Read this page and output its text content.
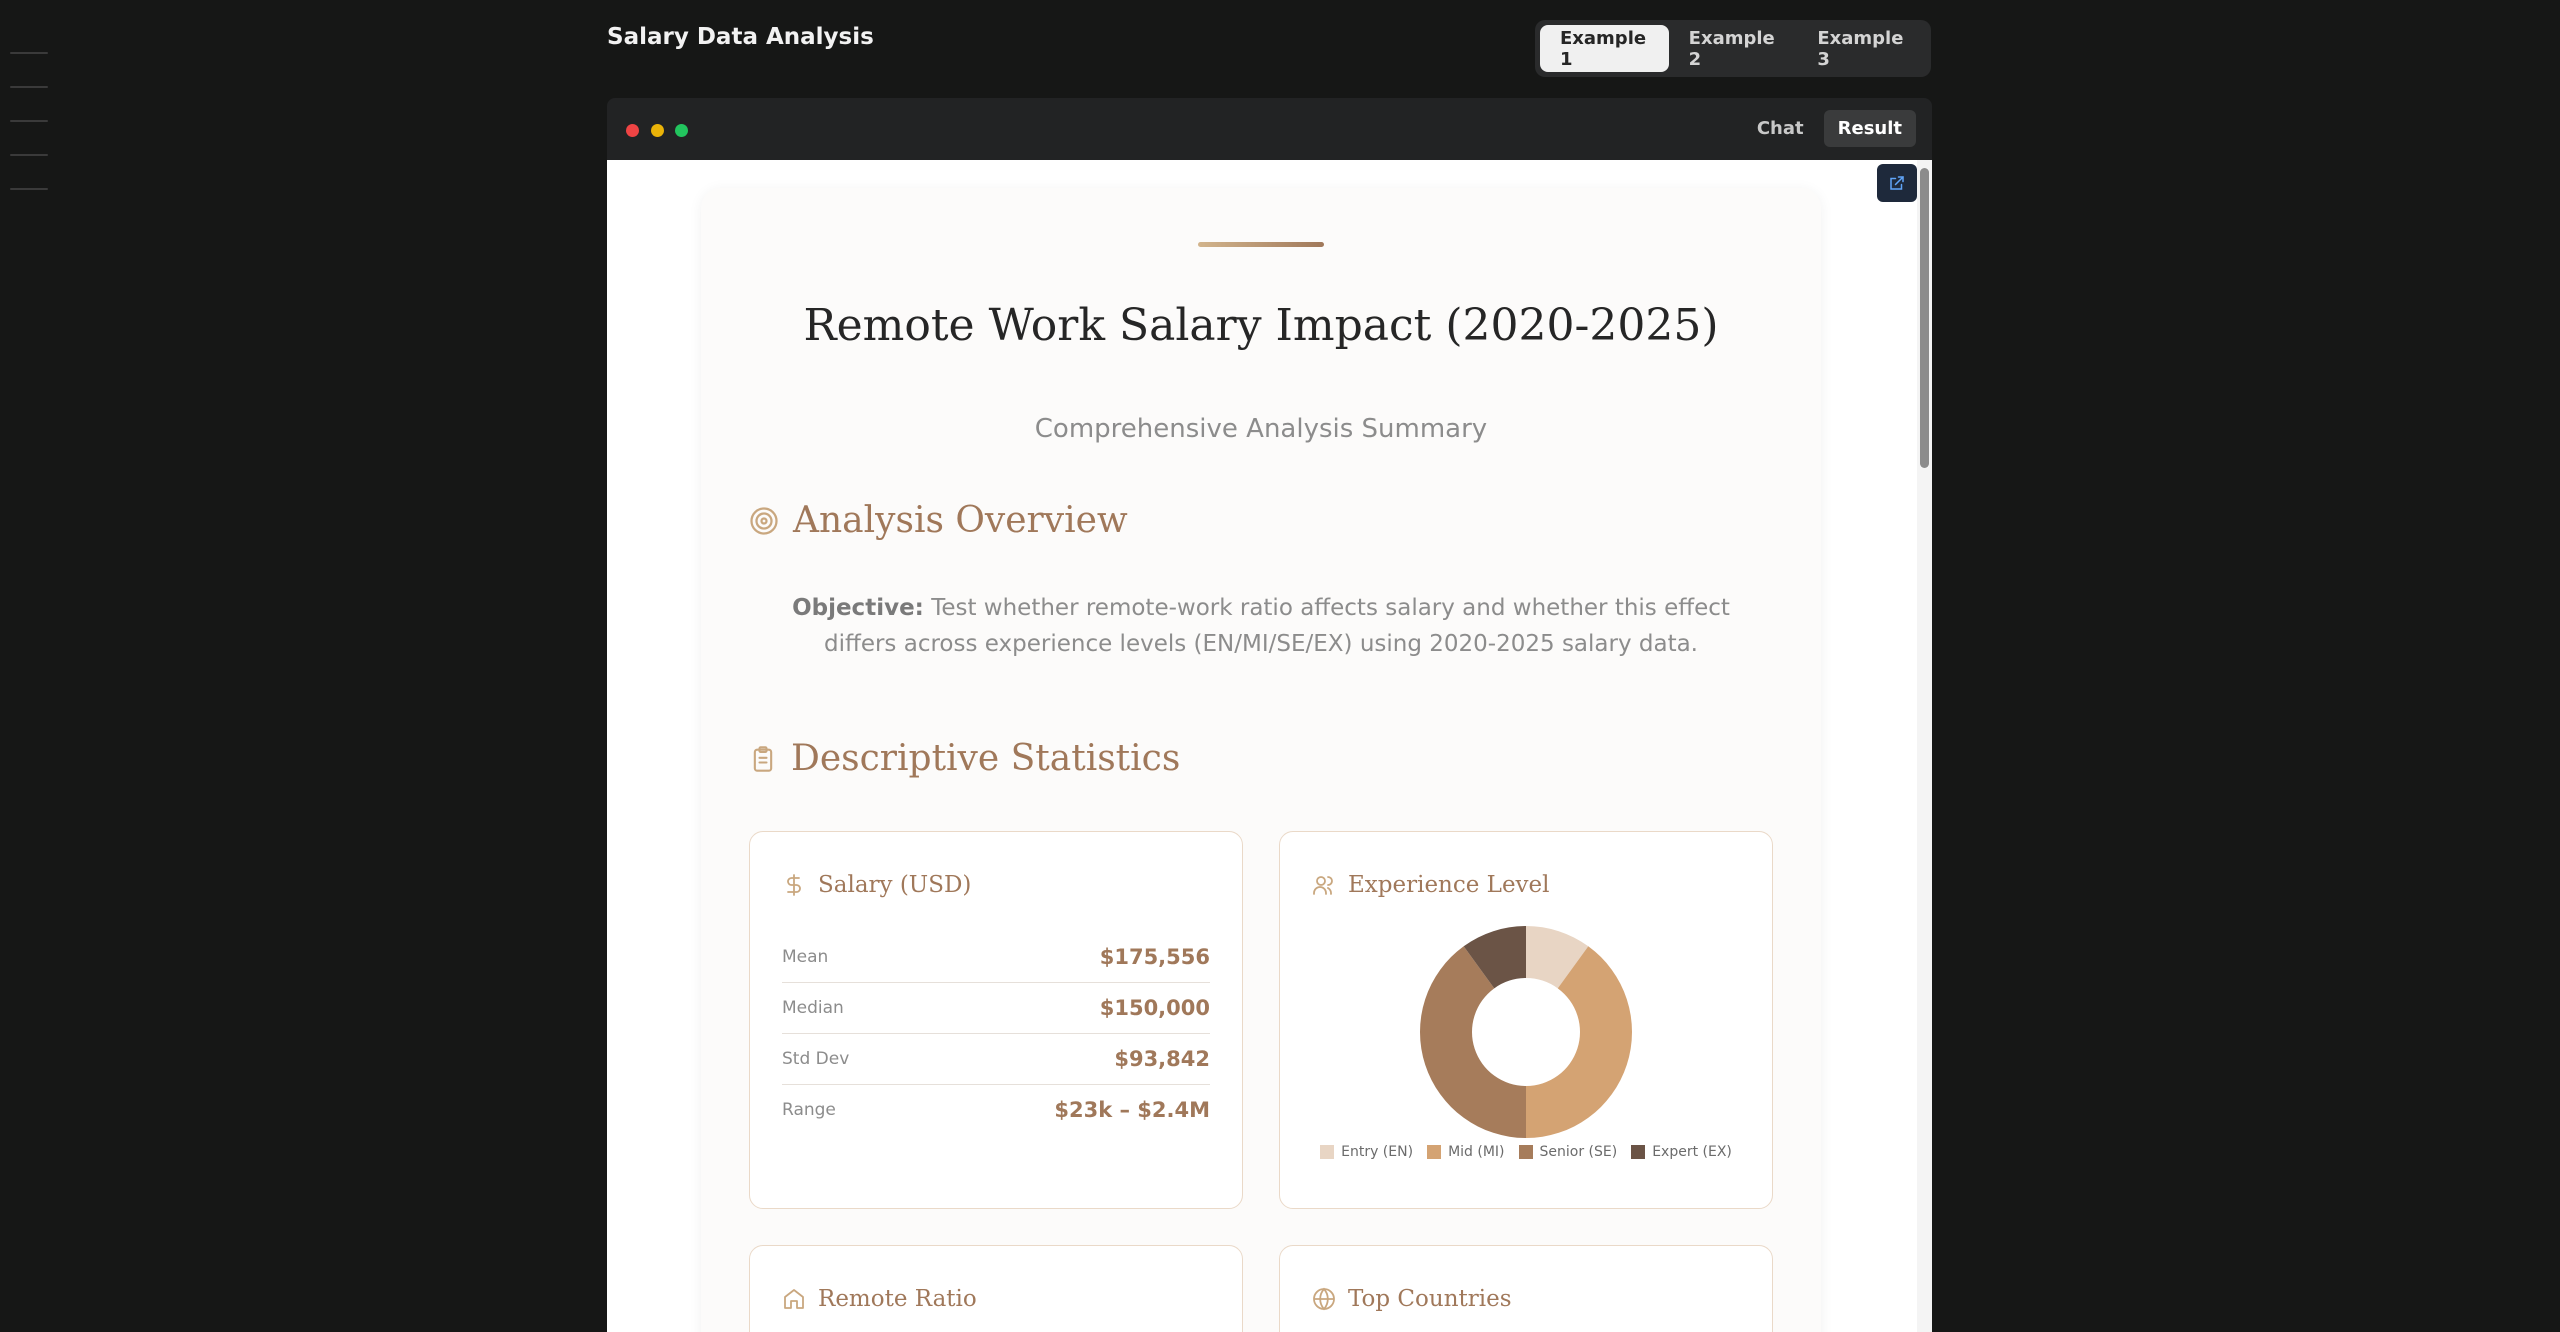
Salary Data Analysis	Example 1
Example 2
Example 3
Chat	Result
Remote Work Salary Impact (2020-2025)
Comprehensive Analysis Summary
Analysis Overview
Objective: Test whether remote-work ratio affects salary and whether this effect differs across experience levels (EN/MI/SE/EX) using 2020-2025 salary data.
Descriptive Statistics
Salary (USD)
Mean	$175,556
Median	$150,000
Std Dev	$93,842
Range	$23k – $2.4M
Experience Level
Entry (EN)	Mid (MI)	Senior (SE)	Expert (EX)
Remote Ratio	Top Countries
